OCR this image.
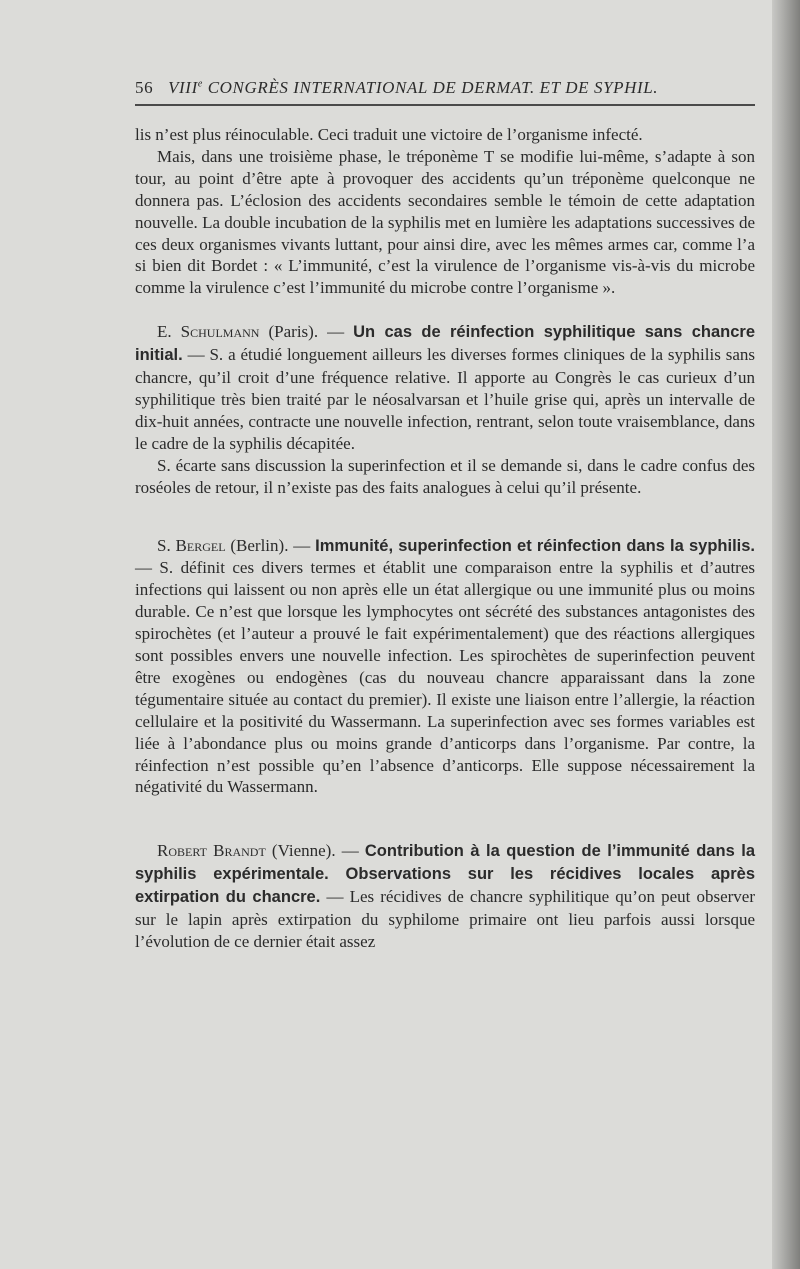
56 VIIIe CONGRÈS INTERNATIONAL DE DERMAT. ET DE SYPHIL.

lis n’est plus réinoculable. Ceci traduit une victoire de l’organisme infecté.

Mais, dans une troisième phase, le tréponème T se modifie lui-même, s’adapte à son tour, au point d’être apte à provoquer des accidents qu’un tréponème quelconque ne donnera pas. L’éclosion des accidents secondaires semble le témoin de cette adaptation nouvelle. La double incubation de la syphilis met en lumière les adaptations successives de ces deux organismes vivants luttant, pour ainsi dire, avec les mêmes armes car, comme l’a si bien dit Bordet : « L’immunité, c’est la virulence de l’organisme vis-à-vis du microbe comme la virulence c’est l’immunité du microbe contre l’organisme ».

E. Schulmann (Paris). — Un cas de réinfection syphilitique sans chancre initial. — S. a étudié longuement ailleurs les diverses formes cliniques de la syphilis sans chancre, qu’il croit d’une fréquence relative. Il apporte au Congrès le cas curieux d’un syphilitique très bien traité par le néosalvarsan et l’huile grise qui, après un intervalle de dix-huit années, contracte une nouvelle infection, rentrant, selon toute vraisemblance, dans le cadre de la syphilis décapitée.

S. écarte sans discussion la superinfection et il se demande si, dans le cadre confus des roséoles de retour, il n’existe pas des faits analogues à celui qu’il présente.

S. Bergel (Berlin). — Immunité, superinfection et réinfection dans la syphilis. — S. définit ces divers termes et établit une comparaison entre la syphilis et d’autres infections qui laissent ou non après elle un état allergique ou une immunité plus ou moins durable. Ce n’est que lorsque les lymphocytes ont sécrété des substances antagonistes des spirochètes (et l’auteur a prouvé le fait expérimentalement) que des réactions allergiques sont possibles envers une nouvelle infection. Les spirochètes de superinfection peuvent être exogènes ou endogènes (cas du nouveau chancre apparaissant dans la zone tégumentaire située au contact du premier). Il existe une liaison entre l’allergie, la réaction cellulaire et la positivité du Wassermann. La superinfection avec ses formes variables est liée à l’abondance plus ou moins grande d’anticorps dans l’organisme. Par contre, la réinfection n’est possible qu’en l’absence d’anticorps. Elle suppose nécessairement la négativité du Wassermann.

Robert Brandt (Vienne). — Contribution à la question de l’immunité dans la syphilis expérimentale. Observations sur les récidives locales après extirpation du chancre. — Les récidives de chancre syphilitique qu’on peut observer sur le lapin après extirpation du syphilome primaire ont lieu parfois aussi lorsque l’évolution de ce dernier était assez
